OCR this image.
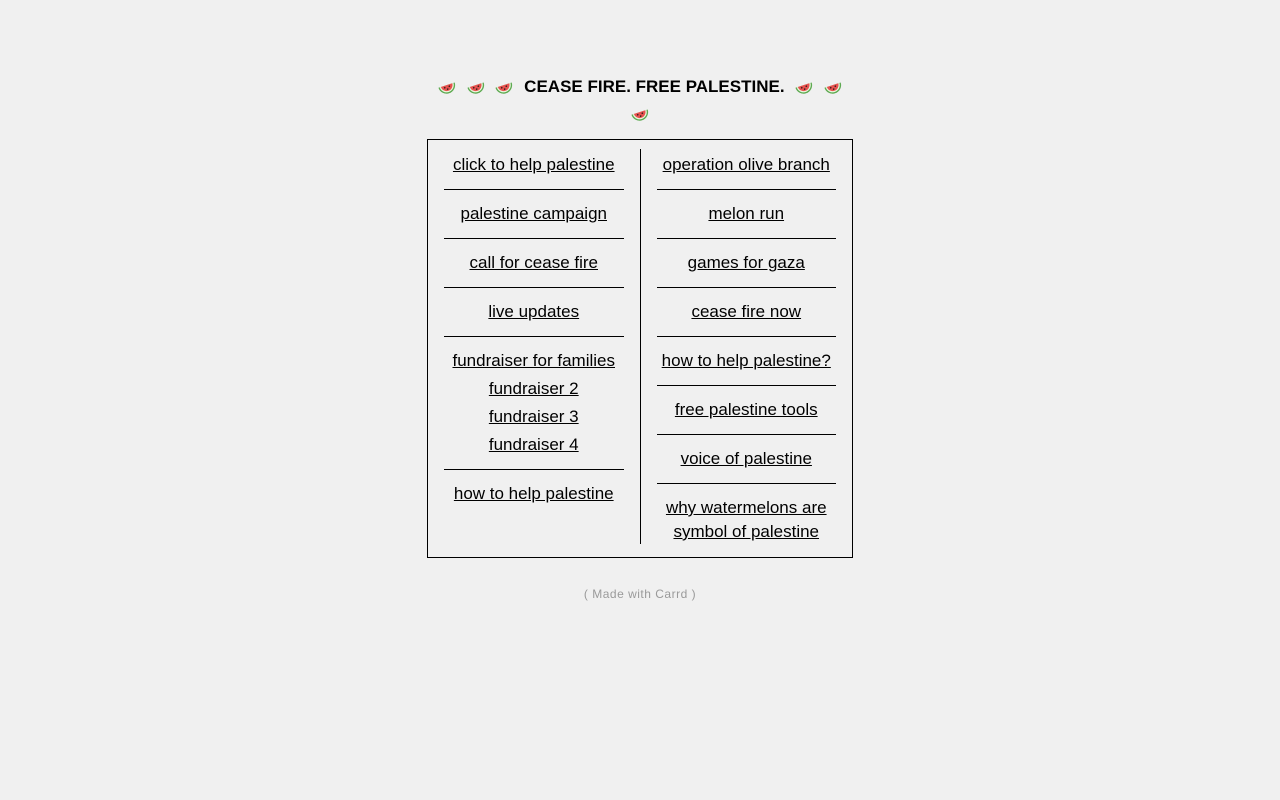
CEASE FIRE. FREE PALESTINE.

click to help palestine
palestine campaign
call for cease fire
live updates
fundraiser for families
fundraiser 2
fundraiser 3
fundraiser 4
how to help palestine
operation olive branch
melon run
games for gaza
cease fire now
how to help palestine?
free palestine tools
voice of palestine
why watermelons are symbol of palestine
( Made with Carrd )
